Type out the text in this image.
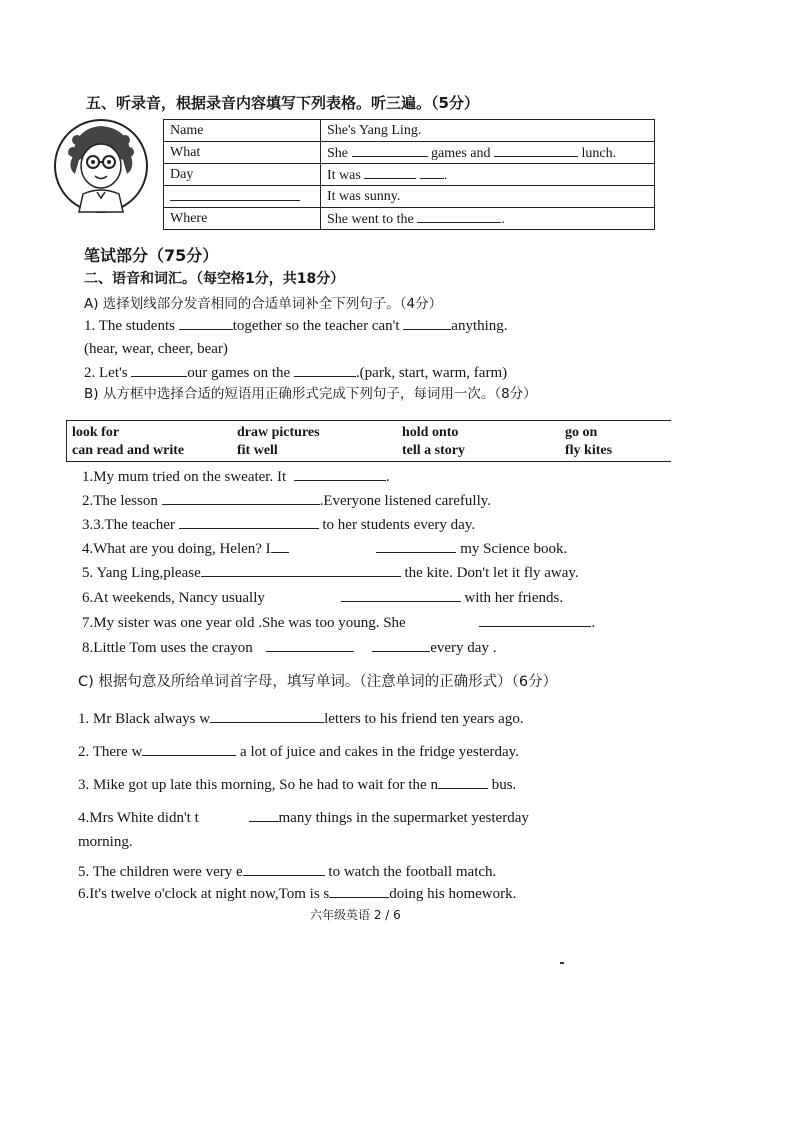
五、听录音，根据录音内容填写下列表格。听三遍。（5分）
Name	She's Yang Ling.
What	She games and lunch.
Day	It was .
	It was sunny.
Where	She went to the .
笔试部分（75分）
二、语音和词汇。（每空格1分，共18分）
A) 选择划线部分发音相同的合适单词补全下列句子。（4分）
1. The students	together so the teacher can't	anything.
(hear, wear, cheer, bear)
2. Let's	our games on the	.(park, start, warm, farm)
B) 从方框中选择合适的短语用正确形式完成下列句子，每词用一次。（8分）
look for	draw pictures	hold onto	go on
can read and write	fit well	tell a story	fly kites
1.My mum tried on the sweater. It	.
2.The lesson	.Everyone listened carefully.
3.3.The teacher	to her students every day.
4.What are you doing, Helen? I	my Science book.
5. Yang Ling,please	the kite. Don't let it fly away.
6.At weekends, Nancy usually	with her friends.
7.My sister was one year old .She was too young. She	.
8.Little Tom uses the crayon	every day .
C) 根据句意及所给单词首字母，填写单词。（注意单词的正确形式）（6分）
1. Mr Black always w	letters to his friend ten years ago.
2. There w	a lot of juice and cakes in the fridge yesterday.
3. Mike got up late this morning, So he had to wait for the n	bus.
4.Mrs White didn't t	many things in the supermarket yesterday
morning.
5. The children were very e	to watch the football match.
6.It's twelve o'clock at night now,Tom is s	doing his homework.
六年级英语 2 / 6
